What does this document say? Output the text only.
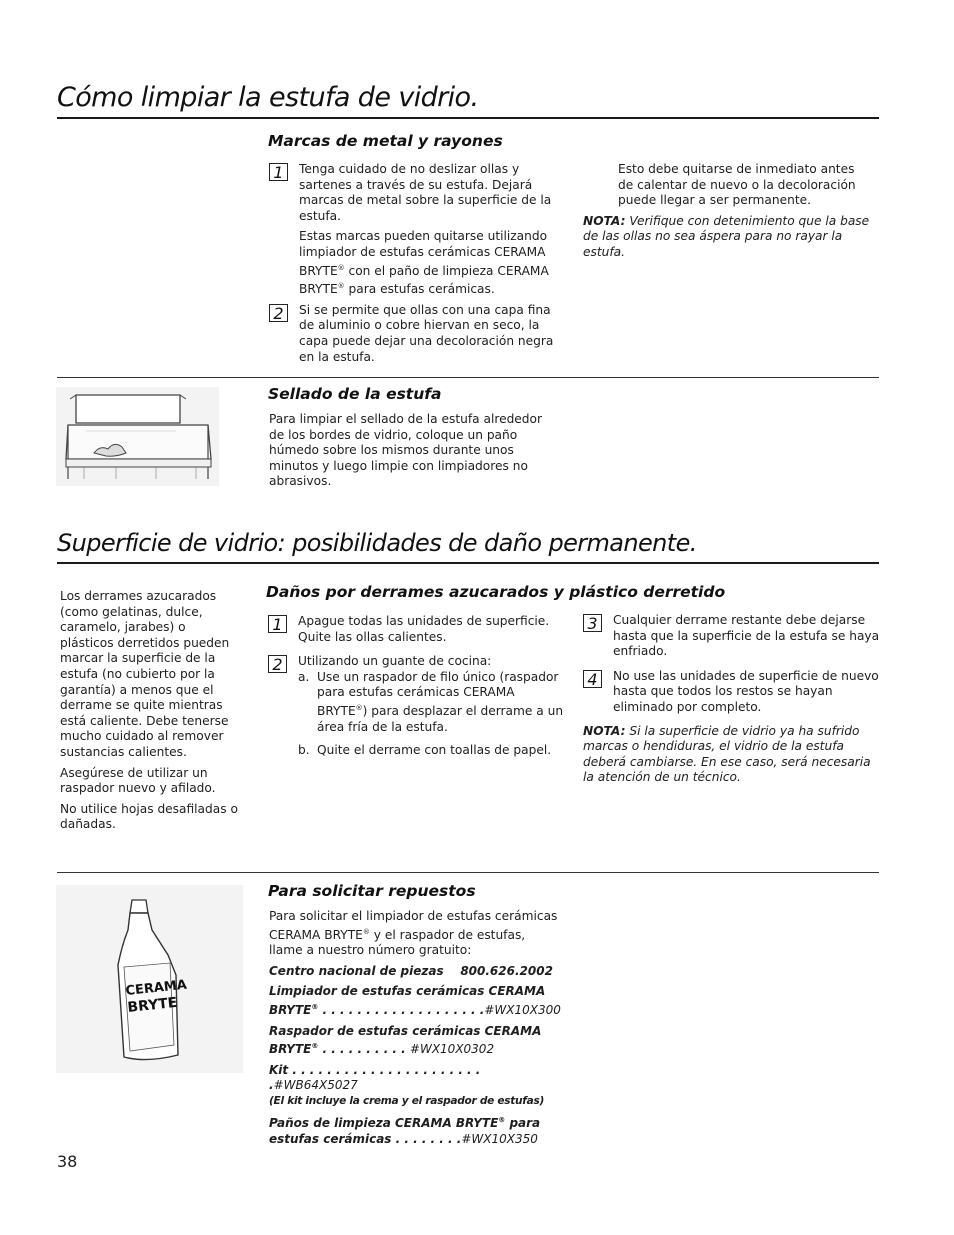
Cómo limpiar la estufa de vidrio.
Marcas de metal y rayones
1	Tenga cuidado de no deslizar ollas y sartenes a través de su estufa. Dejará marcas de metal sobre la superficie de la estufa.

Estas marcas pueden quitarse utilizando limpiador de estufas cerámicas CERAMA BRYTE® con el paño de limpieza CERAMA BRYTE® para estufas cerámicas.

2	Si se permite que ollas con una capa fina de aluminio o cobre hiervan en seco, la capa puede dejar una decoloración negra en la estufa.

Esto debe quitarse de inmediato antes de calentar de nuevo o la decoloración puede llegar a ser permanente.

NOTA: Verifique con detenimiento que la base de las ollas no sea áspera para no rayar la estufa.

Sellado de la estufa

Para limpiar el sellado de la estufa alrededor de los bordes de vidrio, coloque un paño húmedo sobre los mismos durante unos minutos y luego limpie con limpiadores no abrasivos.

Superficie de vidrio: posibilidades de daño permanente.

Los derrames azucarados (como gelatinas, dulce, caramelo, jarabes) o plásticos derretidos pueden marcar la superficie de la estufa (no cubierto por la garantía) a menos que el derrame se quite mientras está caliente. Debe tenerse mucho cuidado al remover sustancias calientes.

Asegúrese de utilizar un raspador nuevo y afilado.

No utilice hojas desafiladas o dañadas.

Daños por derrames azucarados y plástico derretido
1	Apague todas las unidades de superficie. Quite las ollas calientes.

2	Utilizando un guante de cocina:

a. Use un raspador de filo único (raspador para estufas cerámicas CERAMA BRYTE®) para desplazar el derrame a un área fría de la estufa.

b. Quite el derrame con toallas de papel.

3	Cualquier derrame restante debe dejarse hasta que la superficie de la estufa se haya enfriado.

4	No use las unidades de superficie de nuevo hasta que todos los restos se hayan eliminado por completo.

NOTA: Si la superficie de vidrio ya ha sufrido marcas o hendiduras, el vidrio de la estufa deberá cambiarse. En ese caso, será necesaria la atención de un técnico.

CERAMA
BRYTE
Para solicitar repuestos

Para solicitar el limpiador de estufas cerámicas CERAMA BRYTE® y el raspador de estufas, llame a nuestro número gratuito:

Centro nacional de piezas 800.626.2002

Limpiador de estufas cerámicas CERAMA BRYTE® . . . . . . . . . . . . . . . . . . .#WX10X300

Raspador de estufas cerámicas CERAMA BRYTE® . . . . . . . . . . #WX10X0302

Kit . . . . . . . . . . . . . . . . . . . . . . .#WB64X5027

(El kit incluye la crema y el raspador de estufas)

Paños de limpieza CERAMA BRYTE® para estufas cerámicas . . . . . . . .#WX10X350

38
